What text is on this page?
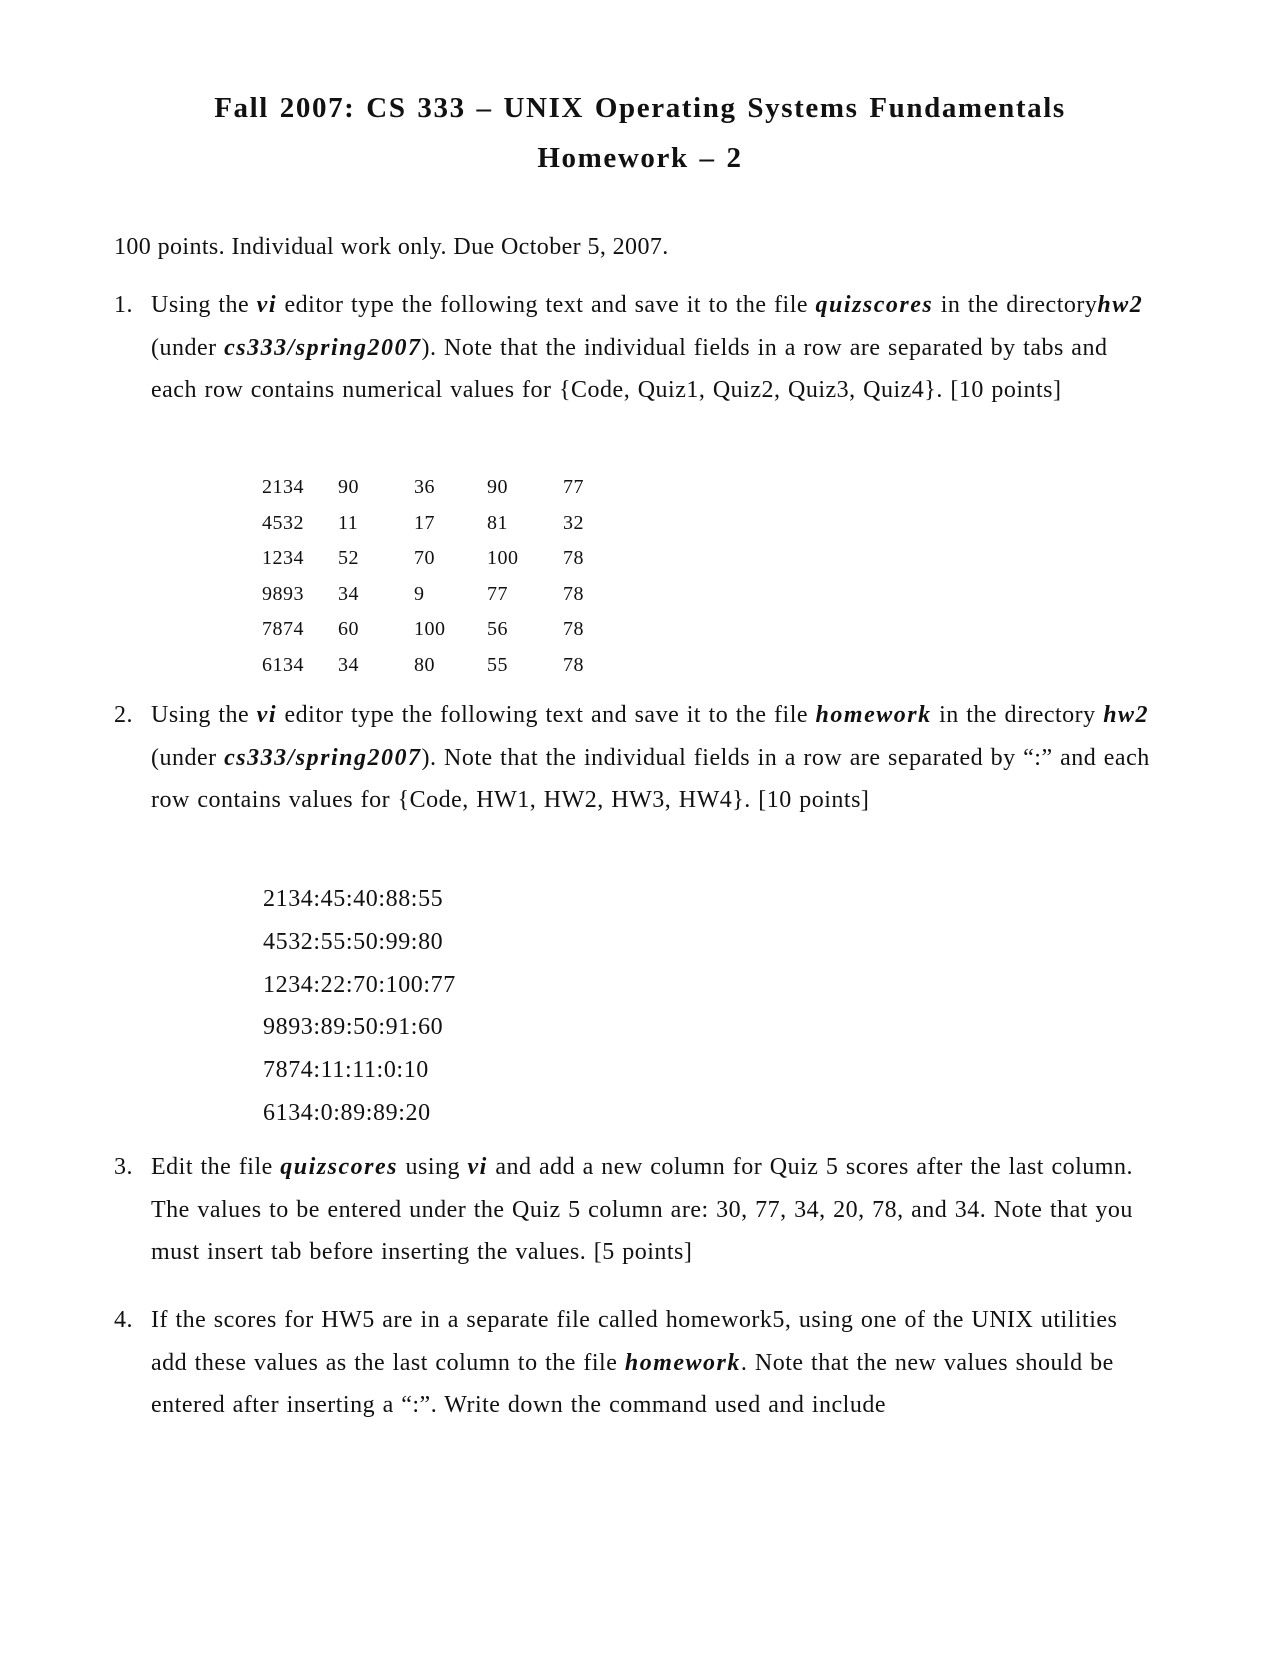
Fall 2007: CS 333 – UNIX Operating Systems Fundamentals
Homework – 2
100 points. Individual work only. Due October 5, 2007.
1. Using the vi editor type the following text and save it to the file quizscores in the directoryhw2 (under cs333/spring2007). Note that the individual fields in a row are separated by tabs and each row contains numerical values for {Code, Quiz1, Quiz2, Quiz3, Quiz4}. [10 points]
2134	90	36	90	77
4532	11	17	81	32
1234	52	70	100	78
9893	34	9	77	78
7874	60	100	56	78
6134	34	80	55	78
2. Using the vi editor type the following text and save it to the file homework in the directory hw2 (under cs333/spring2007). Note that the individual fields in a row are separated by “:” and each row contains values for {Code, HW1, HW2, HW3, HW4}. [10 points]
2134:45:40:88:55
4532:55:50:99:80
1234:22:70:100:77
9893:89:50:91:60
7874:11:11:0:10
6134:0:89:89:20
3. Edit the file quizscores using vi and add a new column for Quiz 5 scores after the last column. The values to be entered under the Quiz 5 column are: 30, 77, 34, 20, 78, and 34. Note that you must insert tab before inserting the values. [5 points]
4. If the scores for HW5 are in a separate file called homework5, using one of the UNIX utilities add these values as the last column to the file homework. Note that the new values should be entered after inserting a “:”. Write down the command used and include
